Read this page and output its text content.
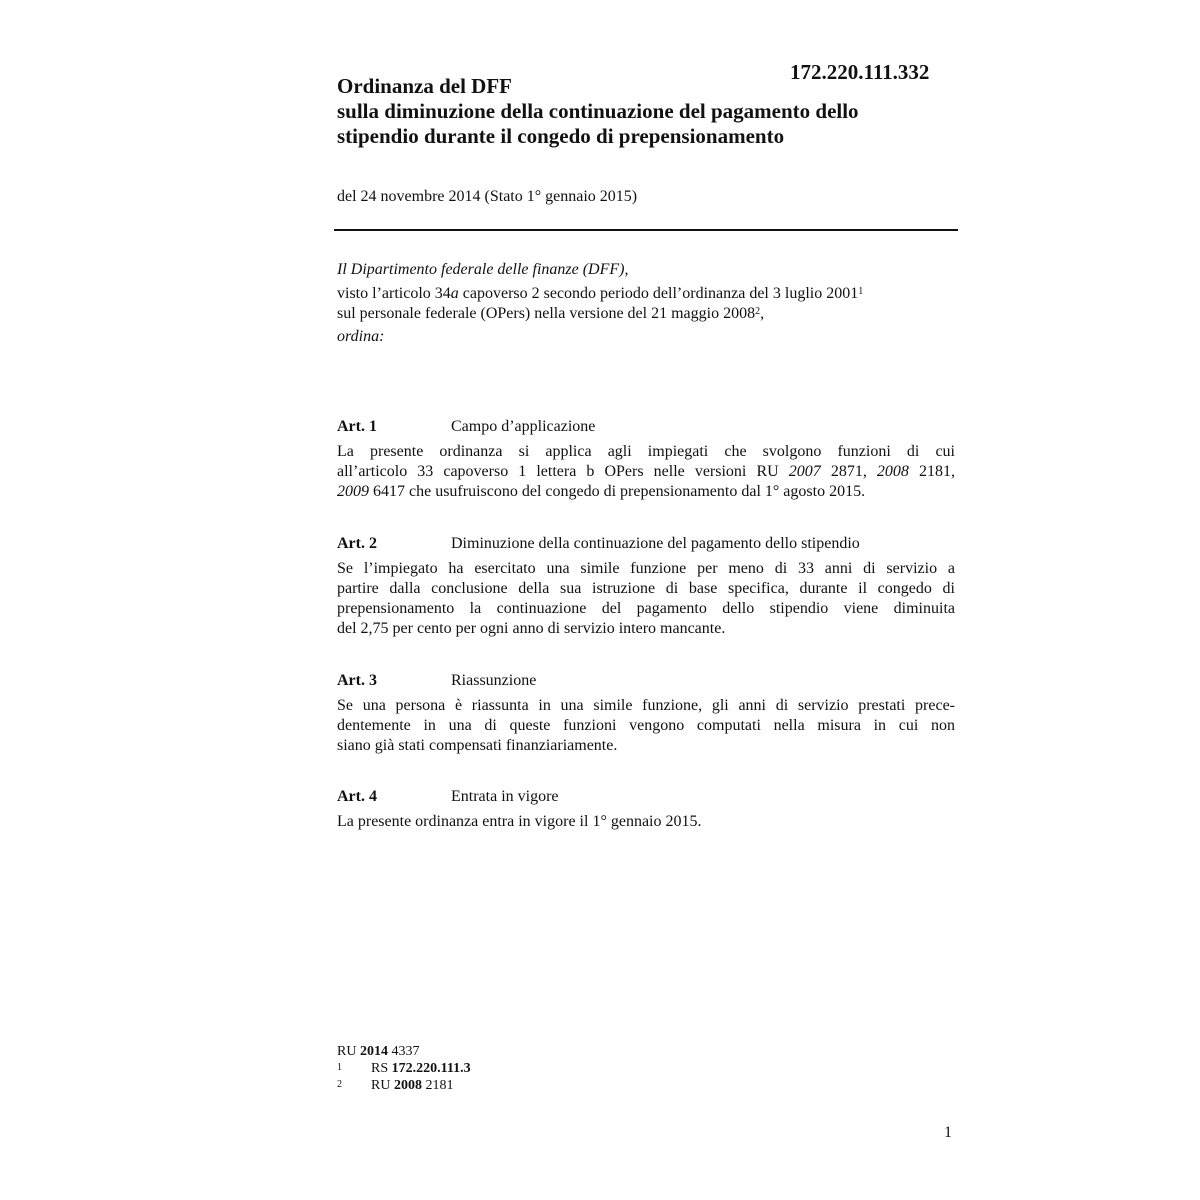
172.220.111.332
Ordinanza del DFF
sulla diminuzione della continuazione del pagamento dello
stipendio durante il congedo di prepensionamento
del 24 novembre 2014 (Stato 1° gennaio 2015)
Il Dipartimento federale delle finanze (DFF),
visto l’articolo 34a capoverso 2 secondo periodo dell’ordinanza del 3 luglio 2001$^1$
sul personale federale (OPers) nella versione del 21 maggio 2008$^2$,
ordina:
Art. 1	Campo d’applicazione
La presente ordinanza si applica agli impiegati che svolgono funzioni di cui
all’articolo 33 capoverso 1 lettera b OPers nelle versioni RU 2007 2871, 2008 2181,
2009 6417 che usufruiscono del congedo di prepensionamento dal 1° agosto 2015.
Art. 2	Diminuzione della continuazione del pagamento dello stipendio
Se l’impiegato ha esercitato una simile funzione per meno di 33 anni di servizio a
partire dalla conclusione della sua istruzione di base specifica, durante il congedo di
prepensionamento la continuazione del pagamento dello stipendio viene diminuita
del 2,75 per cento per ogni anno di servizio intero mancante.
Art. 3	Riassunzione
Se una persona è riassunta in una simile funzione, gli anni di servizio prestati prece-
dentemente in una di queste funzioni vengono computati nella misura in cui non
siano già stati compensati finanziariamente.
Art. 4	Entrata in vigore
La presente ordinanza entra in vigore il 1° gennaio 2015.
RU 2014 4337
1 RS 172.220.111.3
2 RU 2008 2181
1
